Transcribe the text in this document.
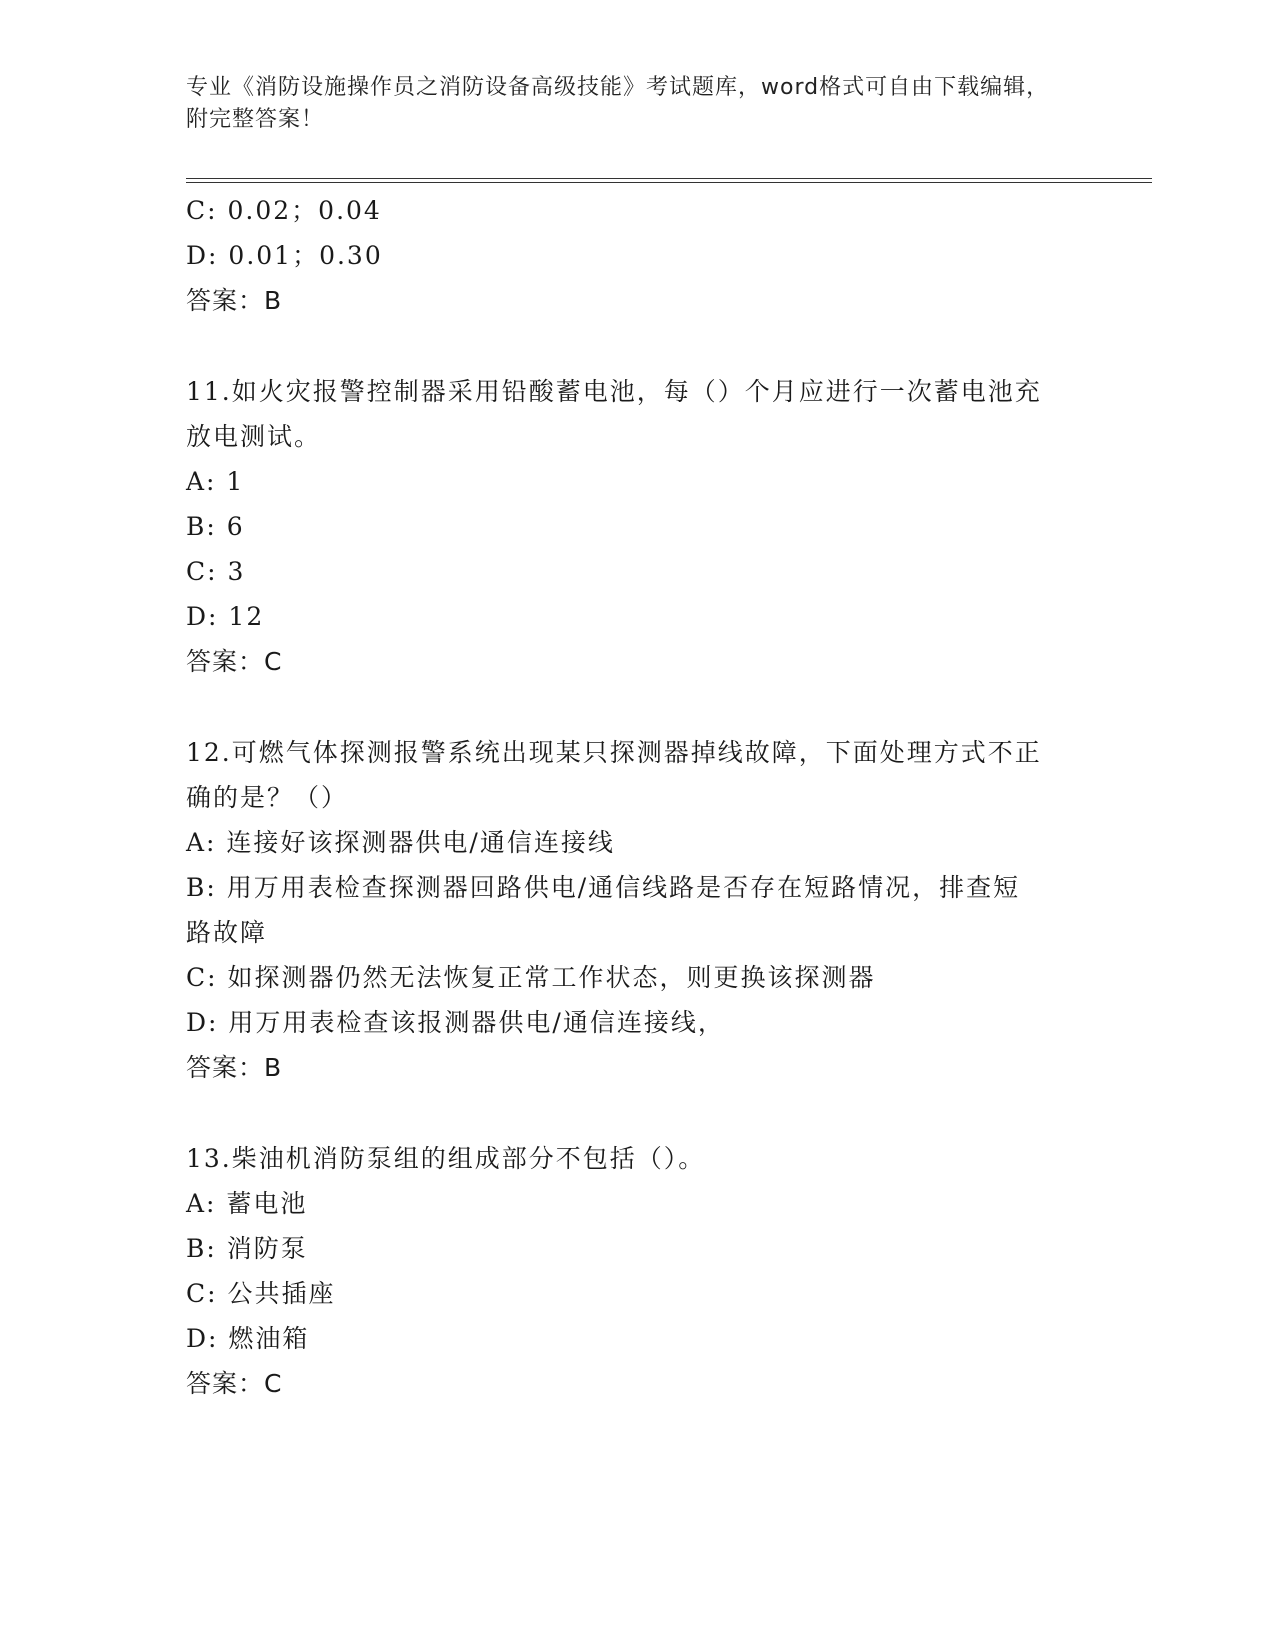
专业《消防设施操作员之消防设备高级技能》考试题库，word格式可自由下载编辑，附完整答案！
C: 0.02；0.04
D: 0.01；0.30
答案：B
11.如火灾报警控制器采用铅酸蓄电池，每（）个月应进行一次蓄电池充放电测试。
A: 1
B: 6
C: 3
D: 12
答案：C
12.可燃气体探测报警系统出现某只探测器掉线故障，下面处理方式不正确的是？（）
A: 连接好该探测器供电/通信连接线
B: 用万用表检查探测器回路供电/通信线路是否存在短路情况，排查短路故障
C: 如探测器仍然无法恢复正常工作状态，则更换该探测器
D: 用万用表检查该报测器供电/通信连接线，
答案：B
13.柴油机消防泵组的组成部分不包括（）。
A: 蓄电池
B: 消防泵
C: 公共插座
D: 燃油箱
答案：C
